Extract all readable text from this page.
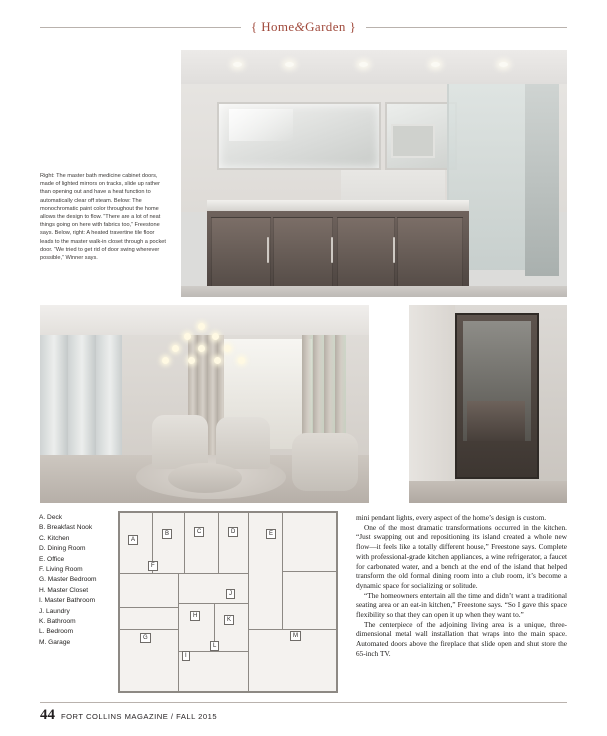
{ Home&Garden }
Right: The master bath medicine cabinet doors, made of lighted mirrors on tracks, slide up rather than opening out and have a heat function to automatically clear off steam. Below: The monochromatic paint color throughout the home allows the design to flow. “There are a lot of neat things going on here with fabrics too,” Freestone says. Below, right: A heated travertine tile floor leads to the master walk-in closet through a pocket door. “We tried to get rid of door swing wherever possible,” Winner says.
A. Deck
B. Breakfast Nook
C. Kitchen
D. Dining Room
E. Office
F. Living Room
G. Master Bedroom
H. Master Closet
I. Master Bathroom
J. Laundry
K. Bathroom
L. Bedroom
M. Garage
A
B	C	D	E
F
G
H
I
J
K
L
M

mini pendant lights, every aspect of the home’s design is custom.

One of the most dramatic transformations occurred in the kitchen. “Just swapping out and repositioning its island created a whole new flow—it feels like a totally different house,” Freestone says. Complete with professional-grade kitchen appliances, a wine refrigerator, a faucet for carbonated water, and a bench at the end of the island that helped transform the old formal dining room into a club room, it’s become a dynamic space for socializing or solitude.

“The homeowners entertain all the time and didn’t want a traditional seating area or an eat-in kitchen,” Freestone says. “So I gave this space flexibility so that they can open it up when they want to.”

The centerpiece of the adjoining living area is a unique, three-dimensional metal wall installation that wraps into the main space. Automated doors above the fireplace that slide open and shut store the 65-inch TV.

44 FORT COLLINS MAGAZINE / FALL 2015
